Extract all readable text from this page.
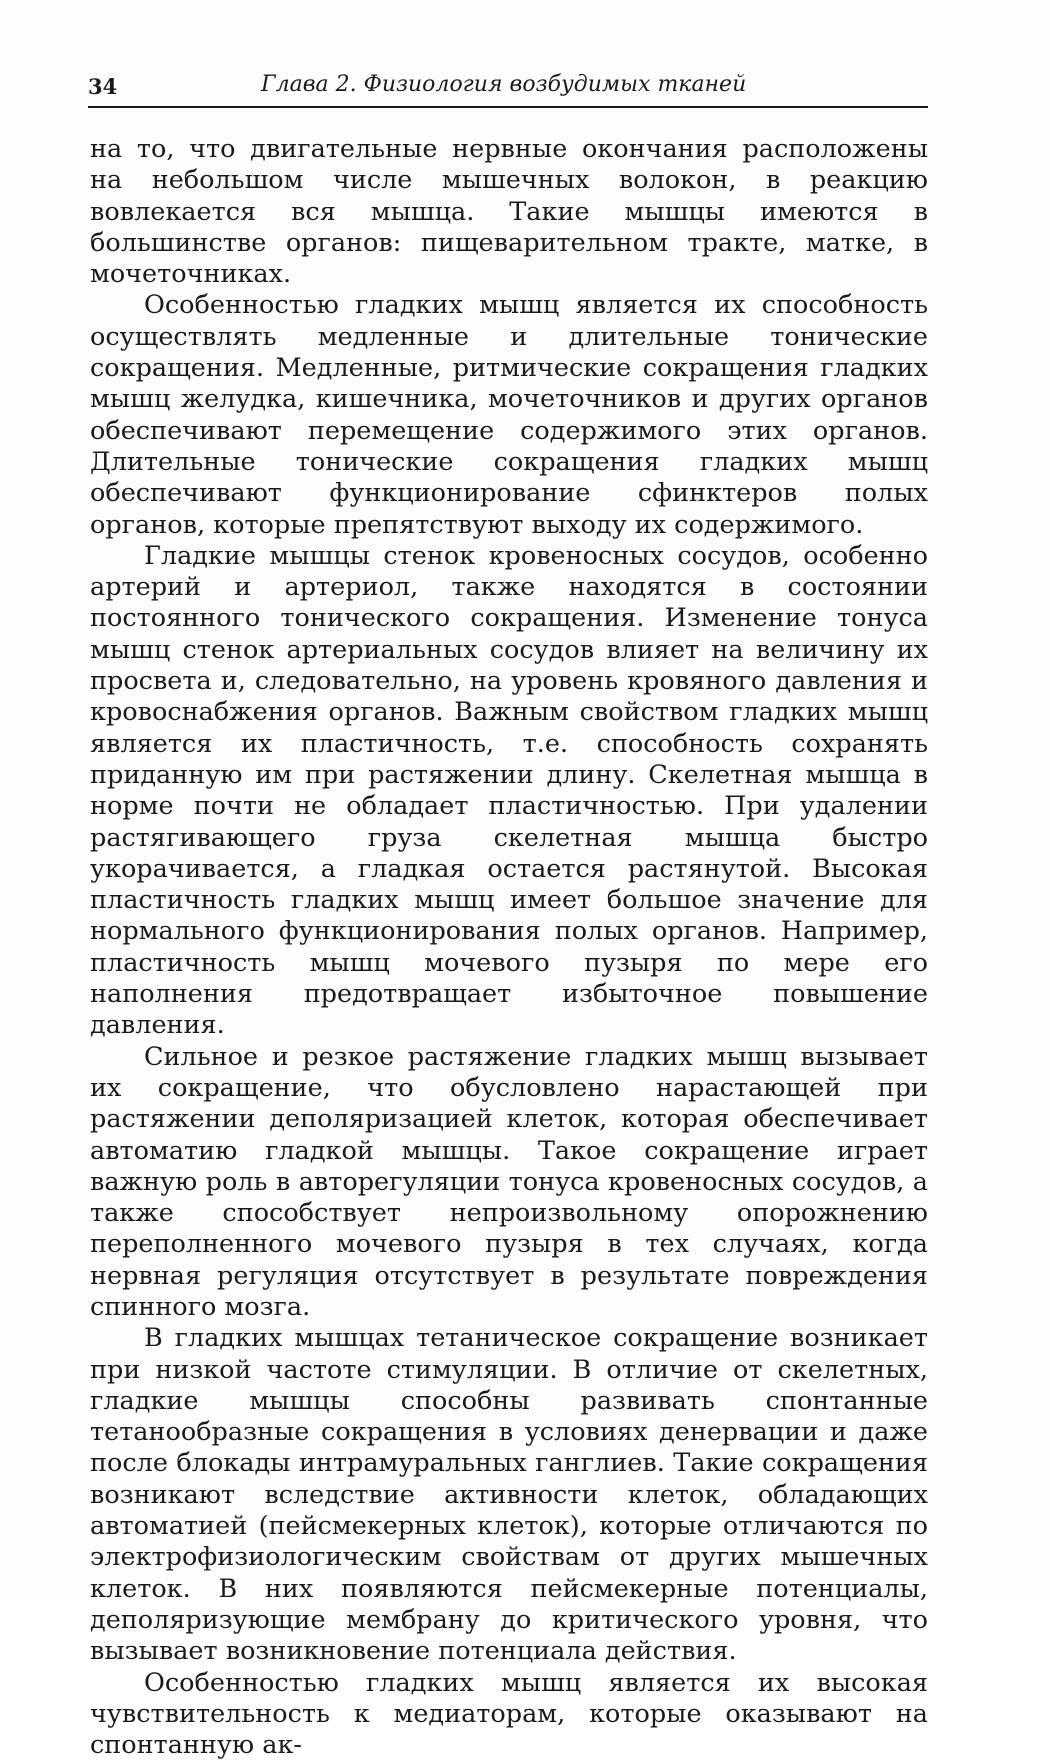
34	Глава 2. Физиология возбудимых тканей

на то, что двигательные нервные окончания расположены на небольшом числе мышечных волокон, в реакцию вовлекается вся мышца. Такие мышцы имеются в большинстве органов: пищеварительном тракте, матке, в мочеточниках.

Особенностью гладких мышц является их способность осуществлять медленные и длительные тонические сокращения. Медленные, ритмические сокращения гладких мышц желудка, кишечника, мочеточников и других органов обеспечивают перемещение содержимого этих органов. Длительные тонические сокращения гладких мышц обеспечивают функционирование сфинктеров полых органов, которые препятствуют выходу их содержимого.

Гладкие мышцы стенок кровеносных сосудов, особенно артерий и артериол, также находятся в состоянии постоянного тонического сокращения. Изменение тонуса мышц стенок артериальных сосудов влияет на величину их просвета и, следовательно, на уровень кровяного давления и кровоснабжения органов. Важным свойством гладких мышц является их пластичность, т.е. способность сохранять приданную им при растяжении длину. Скелетная мышца в норме почти не обладает пластичностью. При удалении растягивающего груза скелетная мышца быстро укорачивается, а гладкая остается растянутой. Высокая пластичность гладких мышц имеет большое значение для нормального функционирования полых органов. Например, пластичность мышц мочевого пузыря по мере его наполнения предотвращает избыточное повышение давления.

Сильное и резкое растяжение гладких мышц вызывает их сокращение, что обусловлено нарастающей при растяжении деполяризацией клеток, которая обеспечивает автоматию гладкой мышцы. Такое сокращение играет важную роль в авторегуляции тонуса кровеносных сосудов, а также способствует непроизвольному опорожнению переполненного мочевого пузыря в тех случаях, когда нервная регуляция отсутствует в результате повреждения спинного мозга.

В гладких мышцах тетаническое сокращение возникает при низкой частоте стимуляции. В отличие от скелетных, гладкие мышцы способны развивать спонтанные тетанообразные сокращения в условиях денервации и даже после блокады интрамуральных ганглиев. Такие сокращения возникают вследствие активности клеток, обладающих автоматией (пейсмекерных клеток), которые отличаются по электрофизиологическим свойствам от других мышечных клеток. В них появляются пейсмекерные потенциалы, деполяризующие мембрану до критического уровня, что вызывает возникновение потенциала действия.

Особенностью гладких мышц является их высокая чувствительность к медиаторам, которые оказывают на спонтанную ак-
